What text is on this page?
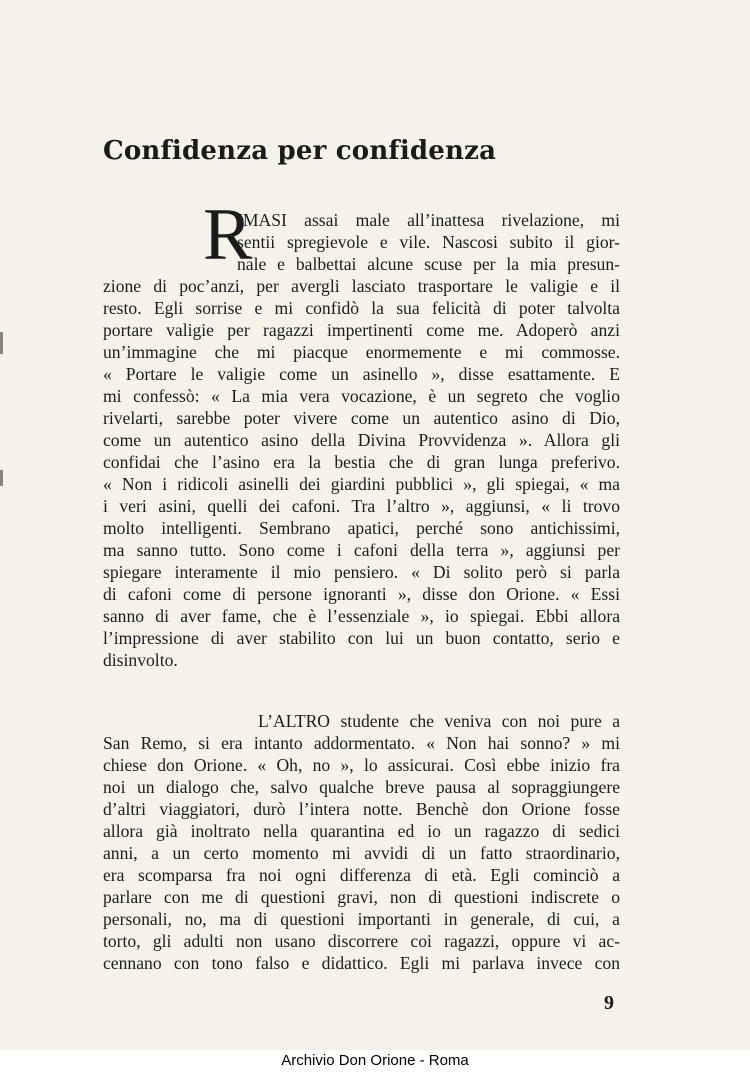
Confidenza per confidenza
R
IMASI assai male all’inattesa rivelazione, mi
sentii spregievole e vile. Nascosi subito il gior-
nale e balbettai alcune scuse per la mia presun-
zione di poc’anzi, per avergli lasciato trasportare le valigie e il
resto. Egli sorrise e mi confidò la sua felicità di poter talvolta
portare valigie per ragazzi impertinenti come me. Adoperò anzi
un’immagine che mi piacque enormemente e mi commosse.
« Portare le valigie come un asinello », disse esattamente. E
mi confessò: « La mia vera vocazione, è un segreto che voglio
rivelarti, sarebbe poter vivere come un autentico asino di Dio,
come un autentico asino della Divina Provvidenza ». Allora gli
confidai che l’asino era la bestia che di gran lunga preferivo.
« Non i ridicoli asinelli dei giardini pubblici », gli spiegai, « ma
i veri asini, quelli dei cafoni. Tra l’altro », aggiunsi, « li trovo
molto intelligenti. Sembrano apatici, perché sono antichissimi,
ma sanno tutto. Sono come i cafoni della terra », aggiunsi per
spiegare interamente il mio pensiero. « Di solito però si parla
di cafoni come di persone ignoranti », disse don Orione. « Essi
sanno di aver fame, che è l’essenziale », io spiegai. Ebbi allora
l’impressione di aver stabilito con lui un buon contatto, serio e
disinvolto.
L’ALTRO studente che veniva con noi pure a
San Remo, si era intanto addormentato. « Non hai sonno? » mi
chiese don Orione. « Oh, no », lo assicurai. Così ebbe inizio fra
noi un dialogo che, salvo qualche breve pausa al sopraggiungere
d’altri viaggiatori, durò l’intera notte. Benchè don Orione fosse
allora già inoltrato nella quarantina ed io un ragazzo di sedici
anni, a un certo momento mi avvidi di un fatto straordinario,
era scomparsa fra noi ogni differenza di età. Egli cominciò a
parlare con me di questioni gravi, non di questioni indiscrete o
personali, no, ma di questioni importanti in generale, di cui, a
torto, gli adulti non usano discorrere coi ragazzi, oppure vi ac-
cennano con tono falso e didattico. Egli mi parlava invece con
9
Archivio Don Orione - Roma
